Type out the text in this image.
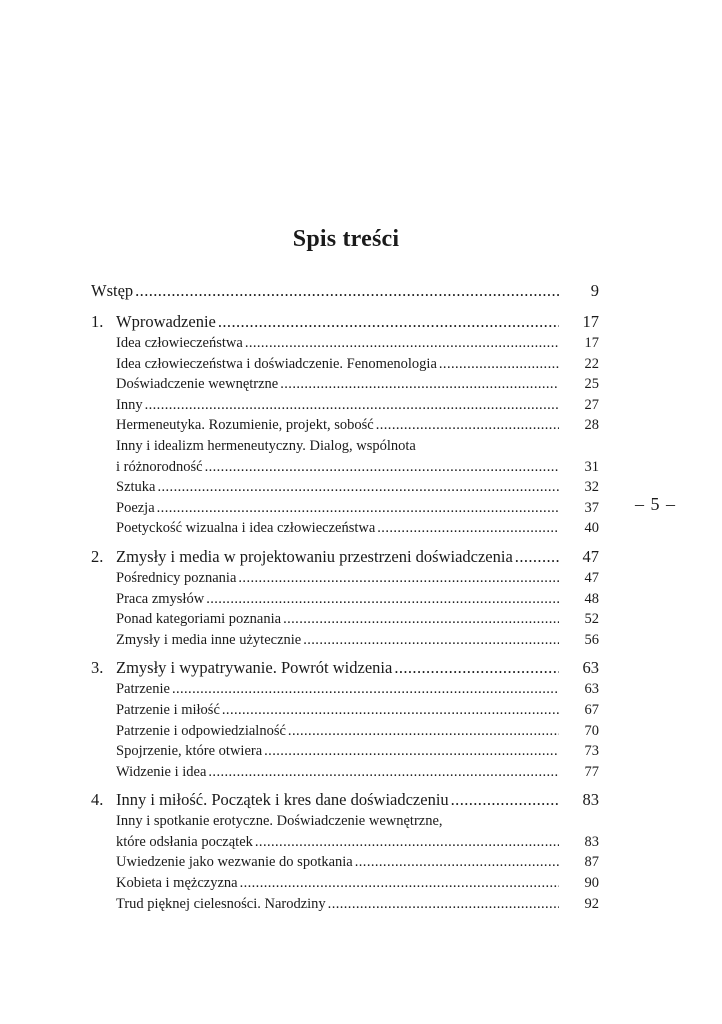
Spis treści
Wstęp .....	9
1. Wprowadzenie .....	17
Idea człowieczeństwa .....	17
Idea człowieczeństwa i doświadczenie. Fenomenologia .....	22
Doświadczenie wewnętrzne .....	25
Inny .....	27
Hermeneutyka. Rozumienie, projekt, sobość .....	28
Inny i idealizm hermeneutyczny. Dialog, wspólnota
i różnorodność .....	31
Sztuka .....	32
Poezja .....	37
Poetyckość wizualna i idea człowieczeństwa .....	40
2. Zmysły i media w projektowaniu przestrzeni doświadczenia .....	47
Pośrednicy poznania .....	47
Praca zmysłów .....	48
Ponad kategoriami poznania .....	52
Zmysły i media inne użytecznie .....	56
3. Zmysły i wypatrywanie. Powrót widzenia .....	63
Patrzenie .....	63
Patrzenie i miłość .....	67
Patrzenie i odpowiedzialność .....	70
Spojrzenie, które otwiera .....	73
Widzenie i idea .....	77
4. Inny i miłość. Początek i kres dane doświadczeniu .....	83
Inny i spotkanie erotyczne. Doświadczenie wewnętrzne,
które odsłania początek .....	83
Uwiedzenie jako wezwanie do spotkania .....	87
Kobieta i mężczyzna .....	90
Trud pięknej cielesności. Narodziny .....	92
– 5 –
